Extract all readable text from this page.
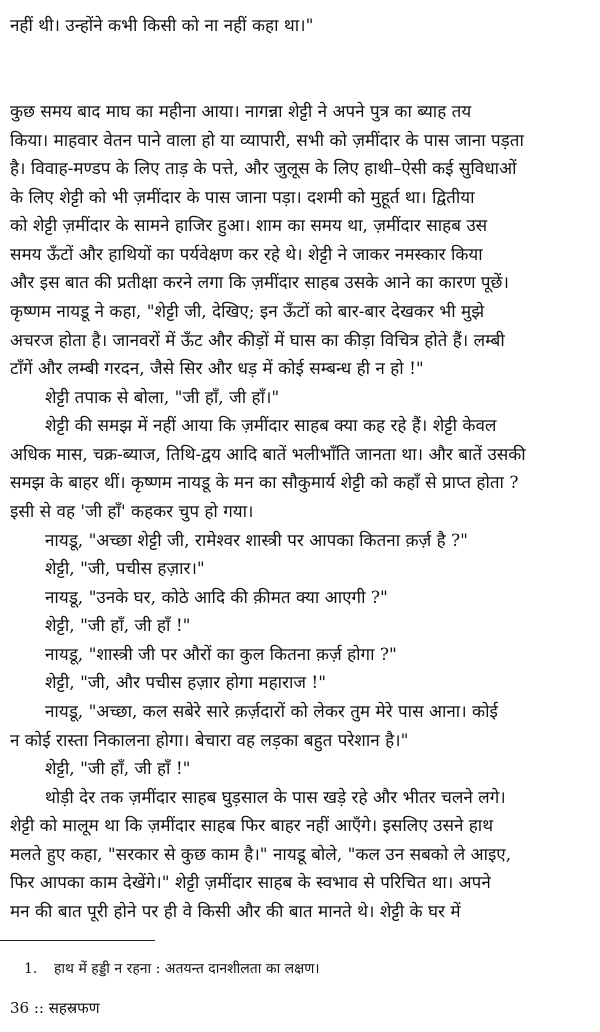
नहीं थी। उन्होंने कभी किसी को ना नहीं कहा था।"
कुछ समय बाद माघ का महीना आया। नागन्ना शेट्टी ने अपने पुत्र का ब्याह तय
किया। माहवार वेतन पाने वाला हो या व्यापारी, सभी को ज़मींदार के पास जाना पड़ता
है। विवाह-मण्डप के लिए ताड़ के पत्ते, और जुलूस के लिए हाथी–ऐसी कई सुविधाओं
के लिए शेट्टी को भी ज़मींदार के पास जाना पड़ा। दशमी को मुहूर्त था। द्वितीया
को शेट्टी ज़मींदार के सामने हाजिर हुआ। शाम का समय था, ज़मींदार साहब उस
समय ऊँटों और हाथियों का पर्यवेक्षण कर रहे थे। शेट्टी ने जाकर नमस्कार किया
और इस बात की प्रतीक्षा करने लगा कि ज़मींदार साहब उसके आने का कारण पूछें।
कृष्णम नायडू ने कहा, "शेट्टी जी, देखिए; इन ऊँटों को बार-बार देखकर भी मुझे
अचरज होता है। जानवरों में ऊँट और कीड़ों में घास का कीड़ा विचित्र होते हैं। लम्बी
टाँगें और लम्बी गरदन, जैसे सिर और धड़ में कोई सम्बन्ध ही न हो !"
शेट्टी तपाक से बोला, "जी हाँ, जी हाँ।"
शेट्टी की समझ में नहीं आया कि ज़मींदार साहब क्या कह रहे हैं। शेट्टी केवल
अधिक मास, चक्र-ब्याज, तिथि-द्वय आदि बातें भलीभाँति जानता था। और बातें उसकी
समझ के बाहर थीं। कृष्णम नायडू के मन का सौकुमार्य शेट्टी को कहाँ से प्राप्त होता ?
इसी से वह 'जी हाँ' कहकर चुप हो गया।
नायडू, "अच्छा शेट्टी जी, रामेश्वर शास्त्री पर आपका कितना क़र्ज़ है ?"
शेट्टी, "जी, पचीस हज़ार।"
नायडू, "उनके घर, कोठे आदि की क़ीमत क्या आएगी ?"
शेट्टी, "जी हाँ, जी हाँ !"
नायडू, "शास्त्री जी पर औरों का कुल कितना क़र्ज़ होगा ?"
शेट्टी, "जी, और पचीस हज़ार होगा महाराज !"
नायडू, "अच्छा, कल सबेरे सारे क़र्ज़दारों को लेकर तुम मेरे पास आना। कोई
न कोई रास्ता निकालना होगा। बेचारा वह लड़का बहुत परेशान है।"
शेट्टी, "जी हाँ, जी हाँ !"
थोड़ी देर तक ज़मींदार साहब घुड़साल के पास खड़े रहे और भीतर चलने लगे।
शेट्टी को मालूम था कि ज़मींदार साहब फिर बाहर नहीं आएँगे। इसलिए उसने हाथ
मलते हुए कहा, "सरकार से कुछ काम है।" नायडू बोले, "कल उन सबको ले आइए,
फिर आपका काम देखेंगे।" शेट्टी ज़मींदार साहब के स्वभाव से परिचित था। अपने
मन की बात पूरी होने पर ही वे किसी और की बात मानते थे। शेट्टी के घर में
1. हाथ में हड्डी न रहना : अतयन्त दानशीलता का लक्षण।
36 :: सहस्रफण
